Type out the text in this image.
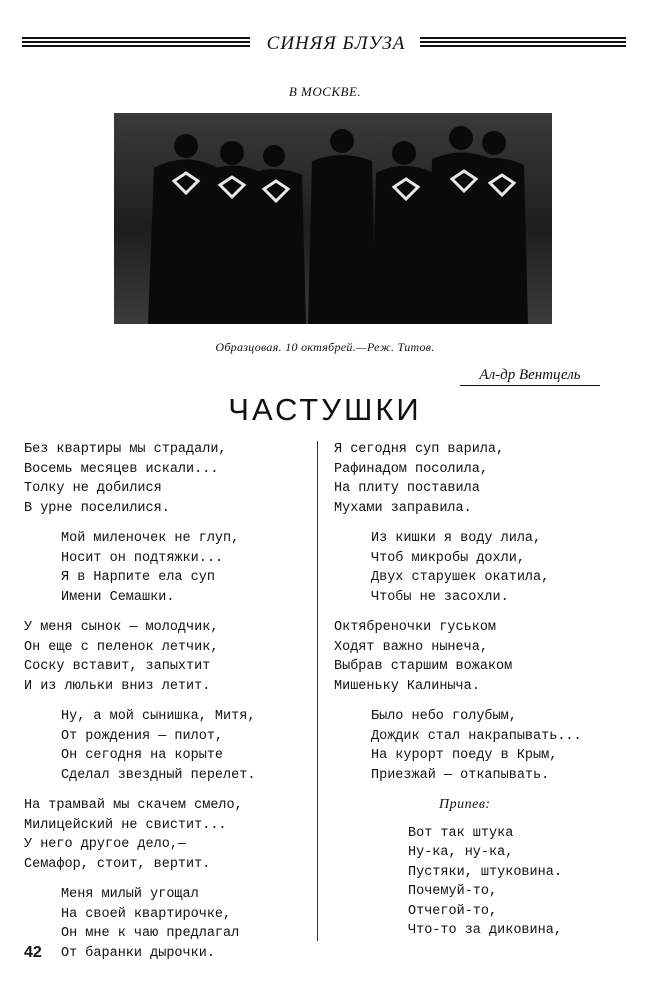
СИНЯЯ БЛУЗА
В МОСКВЕ.
Образцовая. 10 октябрей.—Реж. Титов.
Ал-др Вентцель
ЧАСТУШКИ
Без квартиры мы страдали,
Восемь месяцев искали...
Толку не добилися
В урне поселилися.
Мой миленочек не глуп,
Носит он подтяжки...
Я в Нарпите ела суп
Имени Семашки.
У меня сынок — молодчик,
Он еще с пеленок летчик,
Соску вставит, запыхтит
И из люльки вниз летит.
Ну, а мой сынишка, Митя,
От рождения — пилот,
Он сегодня на корыте
Сделал звездный перелет.
На трамвай мы скачем смело,
Милицейский не свистит...
У него другое дело,—
Семафор, стоит, вертит.
Меня милый угощал
На своей квартирочке,
Он мне к чаю предлагал
От баранки дырочки.
Я сегодня суп варила,
Рафинадом посолила,
На плиту поставила
Мухами заправила.
Из кишки я воду лила,
Чтоб микробы дохли,
Двух старушек окатила,
Чтобы не засохли.
Октябреночки гуськом
Ходят важно нынеча,
Выбрав старшим вожаком
Мишеньку Калиныча.
Было небо голубым,
Дождик стал накрапывать...
На курорт поеду в Крым,
Приезжай — откапывать.
Припев:
Вот так штука
Ну-ка, ну-ка,
Пустяки, штуковина.
Почемуй-то,
Отчегой-то,
Что-то за диковина,
42
